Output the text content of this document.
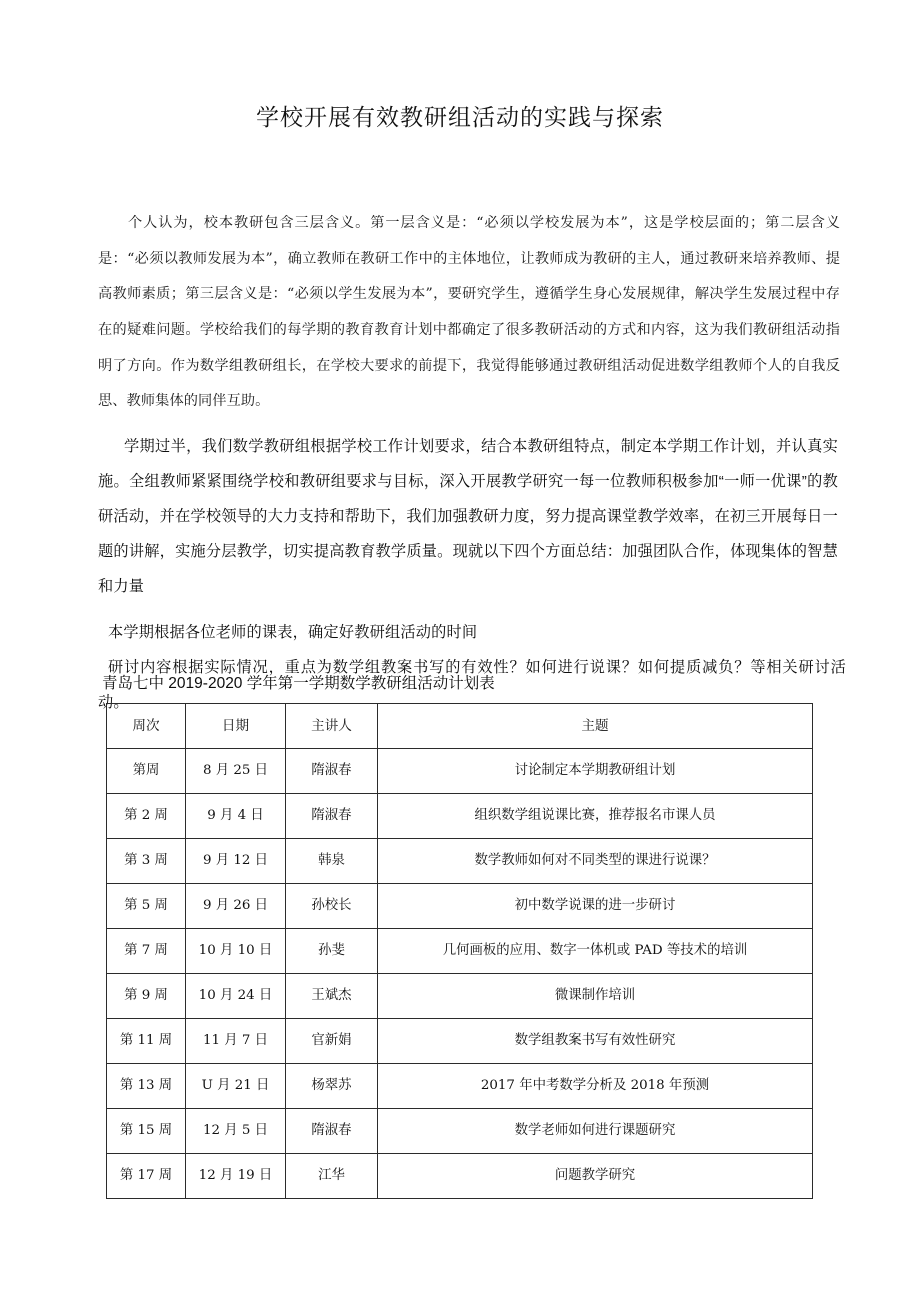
学校开展有效教研组活动的实践与探索

个人认为，校本教研包含三层含义。第一层含义是：“必须以学校发展为本”，这是学校层面的；第二层含义是：“必须以教师发展为本”，确立教师在教研工作中的主体地位，让教师成为教研的主人，通过教研来培养教师、提高教师素质；第三层含义是：“必须以学生发展为本”，要研究学生，遵循学生身心发展规律，解决学生发展过程中存在的疑难问题。学校给我们的每学期的教育教育计划中都确定了很多教研活动的方式和内容，这为我们教研组活动指明了方向。作为数学组教研组长，在学校大要求的前提下，我觉得能够通过教研组活动促进数学组教师个人的自我反思、教师集体的同伴互助。

学期过半，我们数学教研组根据学校工作计划要求，结合本教研组特点，制定本学期工作计划，并认真实施。全组教师紧紧围绕学校和教研组要求与目标，深入开展教学研究一每一位教师积极参加“一师一优课”的教研活动，并在学校领导的大力支持和帮助下，我们加强教研力度，努力提高课堂教学效率，在初三开展每日一题的讲解，实施分层教学，切实提高教育教学质量。现就以下四个方面总结：加强团队合作，体现集体的智慧和力量

本学期根据各位老师的课表，确定好教研组活动的时间

研讨内容根据实际情况，重点为数学组教案书写的有效性？如何进行说课？如何提质减负？等相关研讨活动。

青岛七中 2019-2020 学年第一学期数学教研组活动计划表
周次	日期	主讲人	主题
第周	8 月 25 日	隋淑春	讨论制定本学期教研组计划
第 2 周	9 月 4 日	隋淑春	组织数学组说课比赛，推荐报名市课人员
第 3 周	9 月 12 日	韩泉	数学教师如何对不同类型的课进行说课？
第 5 周	9 月 26 日	孙校长	初中数学说课的进一步研讨
第 7 周	10 月 10 日	孙斐	几何画板的应用、数字一体机或 PAD 等技术的培训
第 9 周	10 月 24 日	王斌杰	微课制作培训
第 11 周	11 月 7 日	官新娟	数学组教案书写有效性研究
第 13 周	U 月 21 日	杨翠苏	2017 年中考数学分析及 2018 年预测
第 15 周	12 月 5 日	隋淑春	数学老师如何进行课题研究
第 17 周	12 月 19 日	江华	问题教学研究
